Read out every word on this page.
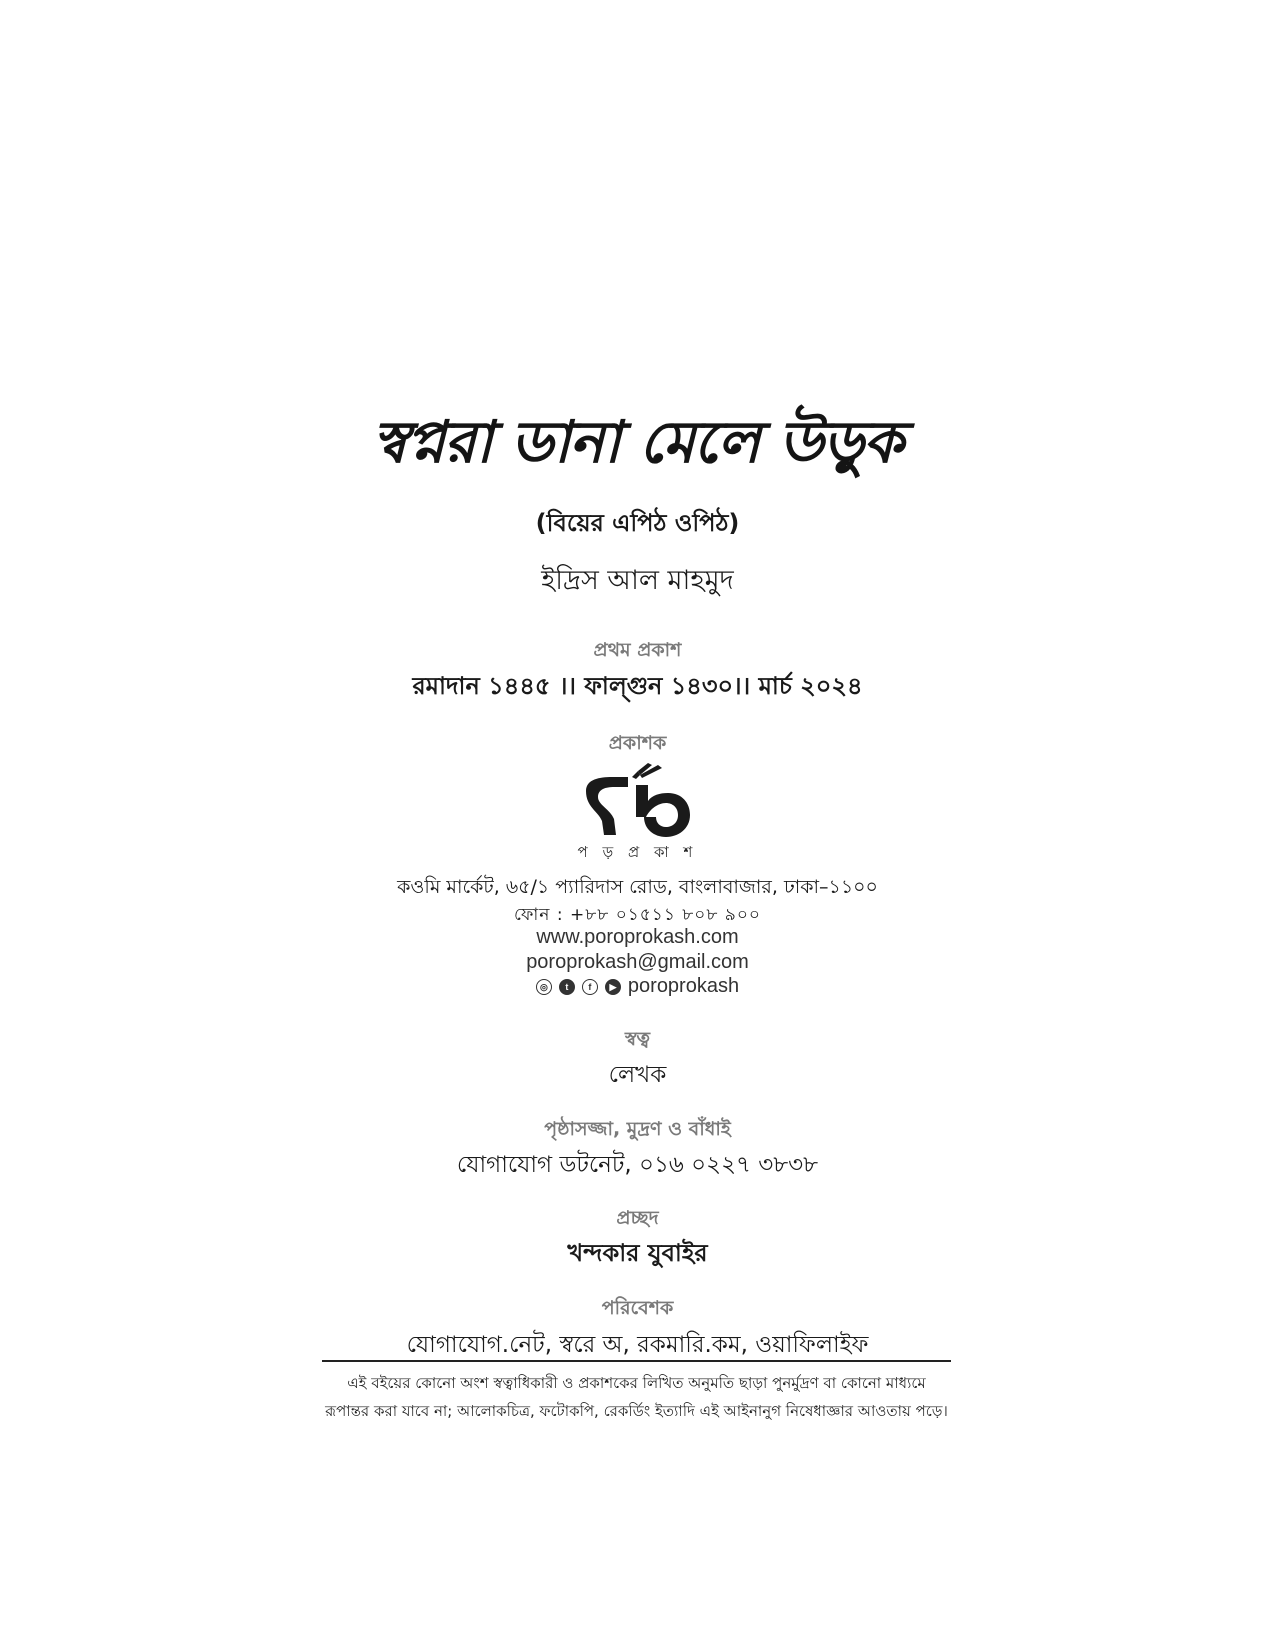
স্বপ্নরা ডানা মেলে উড়ুক
(বিয়ের এপিঠ ওপিঠ)
ইদ্রিস আল মাহমুদ
প্রথম প্রকাশ
রমাদান ১৪৪৫ ।। ফাল্গুন ১৪৩০।। মার্চ ২০২৪
প্রকাশক
প ড় প্র কা শ
কওমি মার্কেট, ৬৫/১ প্যারিদাস রোড, বাংলাবাজার, ঢাকা–১১০০
ফোন : +৮৮ ০১৫১১ ৮০৮ ৯০০
www.poroprokash.com
poroprokash@gmail.com
◎ t f ▶ poroprokash
স্বত্ব
লেখক
পৃষ্ঠাসজ্জা, মুদ্রণ ও বাঁধাই
যোগাযোগ ডটনেট, ০১৬ ০২২৭ ৩৮৩৮
প্রচ্ছদ
খন্দকার যুবাইর
পরিবেশক
যোগাযোগ.নেট, স্বরে অ, রকমারি.কম, ওয়াফিলাইফ
এই বইয়ের কোনো অংশ স্বত্বাধিকারী ও প্রকাশকের লিখিত অনুমতি ছাড়া পুনর্মুদ্রণ বা কোনো মাধ্যমে
রূপান্তর করা যাবে না; আলোকচিত্র, ফটোকপি, রেকর্ডিং ইত্যাদি এই আইনানুগ নিষেধাজ্ঞার আওতায় পড়ে।
